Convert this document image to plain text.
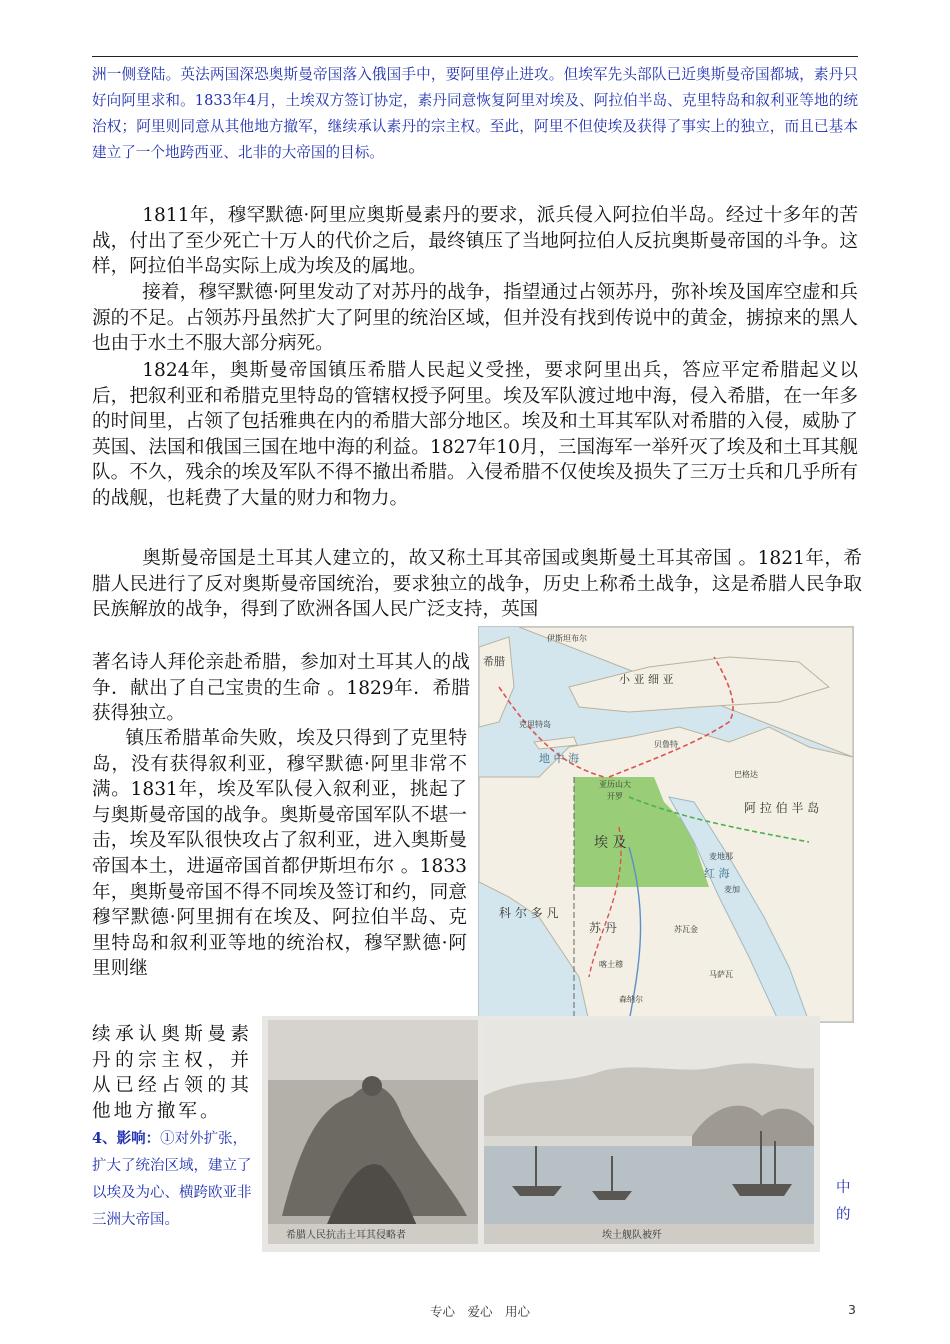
洲一侧登陆。英法两国深恐奥斯曼帝国落入俄国手中，要阿里停止进攻。但埃军先头部队已近奥斯曼帝国都城，素丹只好向阿里求和。1833年4月，土埃双方签订协定，素丹同意恢复阿里对埃及、阿拉伯半岛、克里特岛和叙利亚等地的统治权；阿里则同意从其他地方撤军，继续承认素丹的宗主权。至此，阿里不但使埃及获得了事实上的独立，而且已基本建立了一个地跨西亚、北非的大帝国的目标。

1811年，穆罕默德·阿里应奥斯曼素丹的要求，派兵侵入阿拉伯半岛。经过十多年的苦战，付出了至少死亡十万人的代价之后，最终镇压了当地阿拉伯人反抗奥斯曼帝国的斗争。这样，阿拉伯半岛实际上成为埃及的属地。

接着，穆罕默德·阿里发动了对苏丹的战争，指望通过占领苏丹，弥补埃及国库空虚和兵源的不足。占领苏丹虽然扩大了阿里的统治区域，但并没有找到传说中的黄金，掳掠来的黑人也由于水土不服大部分病死。

1824年，奥斯曼帝国镇压希腊人民起义受挫，要求阿里出兵，答应平定希腊起义以后，把叙利亚和希腊克里特岛的管辖权授予阿里。埃及军队渡过地中海，侵入希腊，在一年多的时间里，占领了包括雅典在内的希腊大部分地区。埃及和土耳其军队对希腊的入侵，威胁了英国、法国和俄国三国在地中海的利益。1827年10月，三国海军一举歼灭了埃及和土耳其舰队。不久，残余的埃及军队不得不撤出希腊。入侵希腊不仅使埃及损失了三万士兵和几乎所有的战舰，也耗费了大量的财力和物力。

奥斯曼帝国是土耳其人建立的，故又称土耳其帝国或奥斯曼土耳其帝国 。1821年，希腊人民进行了反对奥斯曼帝国统治，要求独立的战争，历史上称希土战争，这是希腊人民争取民族解放的战争，得到了欧洲各国人民广泛支持，英国

著名诗人拜伦亲赴希腊，参加对土耳其人的战争．献出了自己宝贵的生命 。1829年．希腊获得独立。

镇压希腊革命失败，埃及只得到了克里特岛，没有获得叙利亚，穆罕默德·阿里非常不满。1831年，埃及军队侵入叙利亚，挑起了与奥斯曼帝国的战争。奥斯曼帝国军队不堪一击，埃及军队很快攻占了叙利亚，进入奥斯曼帝国本土，进逼帝国首都伊斯坦布尔 。1833年，奥斯曼帝国不得不同埃及签订和约，同意穆罕默德·阿里拥有在埃及、阿拉伯半岛、克里特岛和叙利亚等地的统治权，穆罕默德·阿里则继

续承认奥斯曼素丹的宗主权，并从已经占领的其他地方撤军。

4、影响：①对外扩张，扩大了统治区域，建立了以埃及为心、横跨欧亚非三洲大帝国。
中的
伊斯坦布尔
小 亚 细 亚
希腊
克里特岛
地 中 海
贝鲁特
巴格达
亚历山大
开罗
埃 及
阿 拉 伯 半 岛
红 海
麦地那
麦加
科 尔 多 凡
苏 丹	苏瓦金
喀土穆
马萨瓦
森纳尔
希腊人民抗击土耳其侵略者	埃土舰队被歼
专心　爱心　用心	3
